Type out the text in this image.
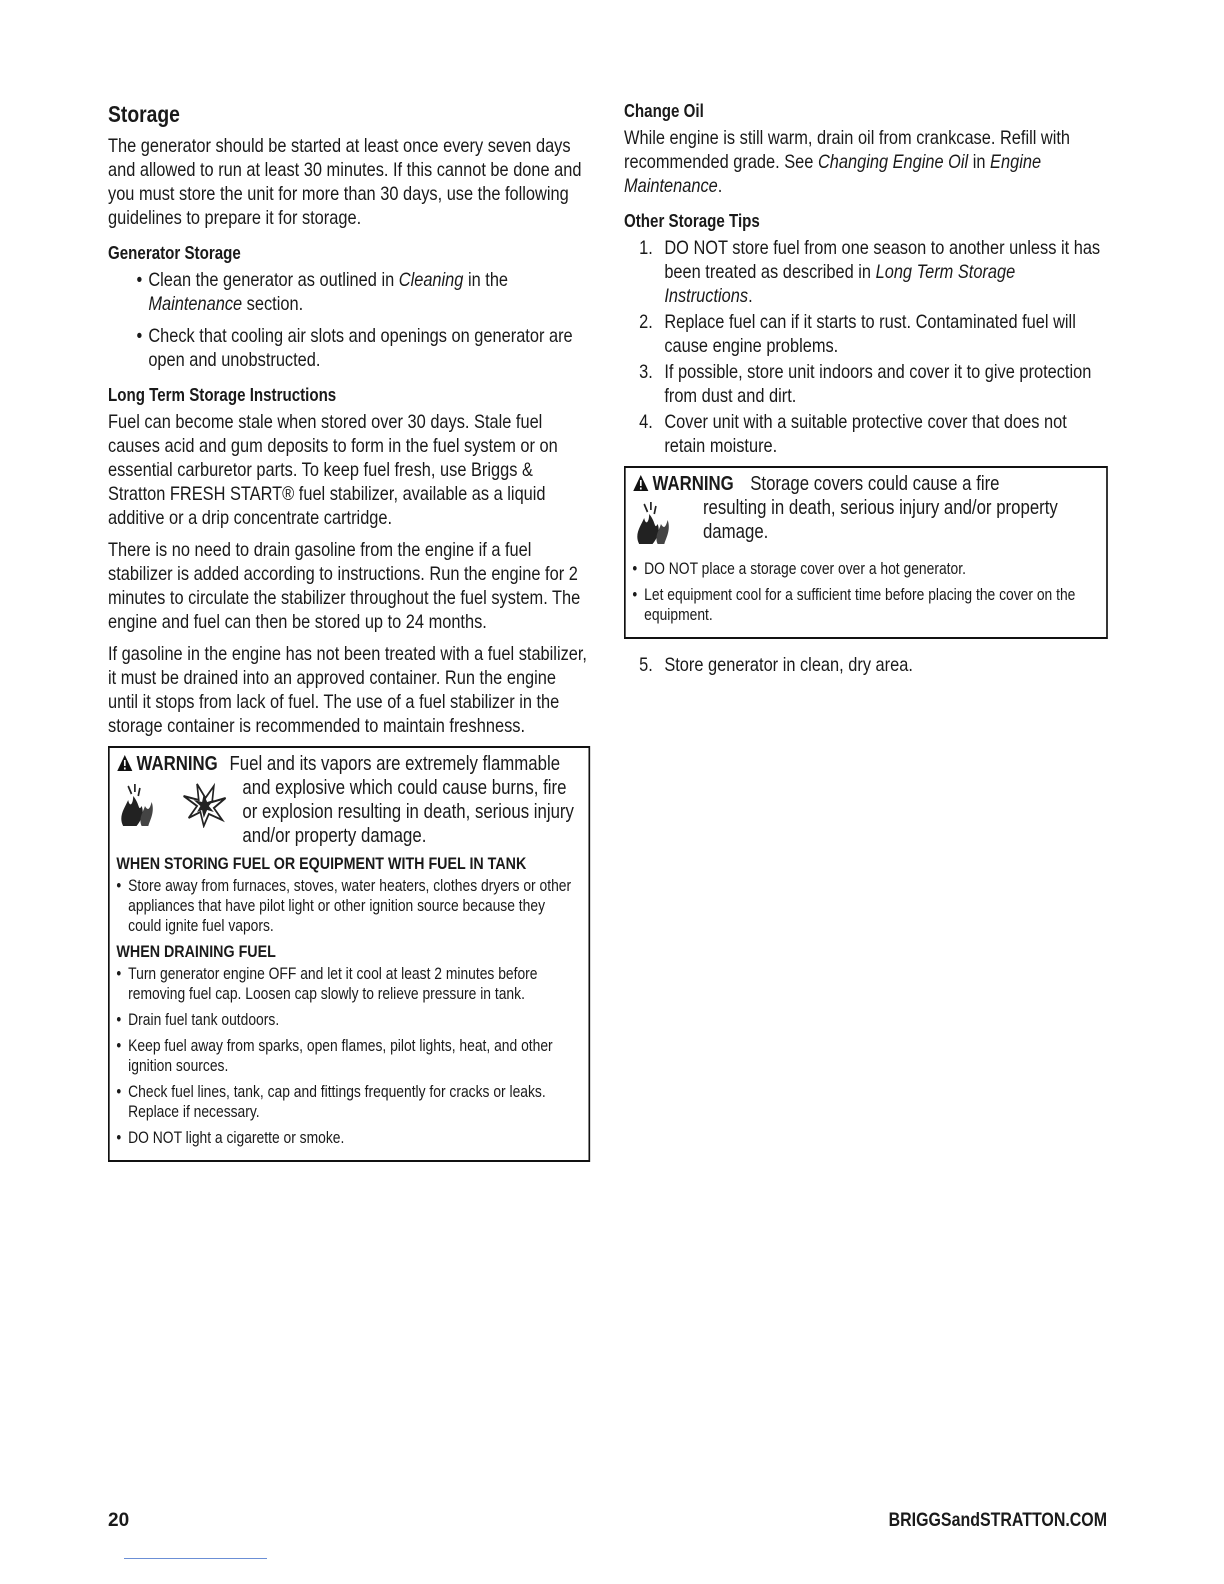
Storage

The generator should be started at least once every seven days and allowed to run at least 30 minutes. If this cannot be done and you must store the unit for more than 30 days, use the following guidelines to prepare it for storage.

Generator Storage
• Clean the generator as outlined in Cleaning in the Maintenance section.
• Check that cooling air slots and openings on generator are open and unobstructed.
Long Term Storage Instructions

Fuel can become stale when stored over 30 days. Stale fuel causes acid and gum deposits to form in the fuel system or on essential carburetor parts. To keep fuel fresh, use Briggs & Stratton FRESH START® fuel stabilizer, available as a liquid additive or a drip concentrate cartridge.

There is no need to drain gasoline from the engine if a fuel stabilizer is added according to instructions. Run the engine for 2 minutes to circulate the stabilizer throughout the fuel system. The engine and fuel can then be stored up to 24 months.

If gasoline in the engine has not been treated with a fuel stabilizer, it must be drained into an approved container. Run the engine until it stops from lack of fuel. The use of a fuel stabilizer in the storage container is recommended to maintain freshness.

WARNING Fuel and its vapors are extremely flammable

and explosive which could cause burns, fire or explosion resulting in death, serious injury and/or property damage.
WHEN STORING FUEL OR EQUIPMENT WITH FUEL IN TANK
• Store away from furnaces, stoves, water heaters, clothes dryers or other appliances that have pilot light or other ignition source because they could ignite fuel vapors.
WHEN DRAINING FUEL
• Turn generator engine OFF and let it cool at least 2 minutes before removing fuel cap. Loosen cap slowly to relieve pressure in tank.
• Drain fuel tank outdoors.
• Keep fuel away from sparks, open flames, pilot lights, heat, and other ignition sources.
• Check fuel lines, tank, cap and fittings frequently for cracks or leaks. Replace if necessary.
• DO NOT light a cigarette or smoke.
Change Oil

While engine is still warm, drain oil from crankcase. Refill with recommended grade. See Changing Engine Oil in Engine Maintenance.

Other Storage Tips
1. DO NOT store fuel from one season to another unless it has been treated as described in Long Term Storage Instructions.
2. Replace fuel can if it starts to rust. Contaminated fuel will cause engine problems.
3. If possible, store unit indoors and cover it to give protection from dust and dirt.
4. Cover unit with a suitable protective cover that does not retain moisture.
WARNING Storage covers could cause a fire
resulting in death, serious injury and/or property damage.
• DO NOT place a storage cover over a hot generator.
• Let equipment cool for a sufficient time before placing the cover on the equipment.
5. Store generator in clean, dry area.
20	BRIGGSandSTRATTON.COM
